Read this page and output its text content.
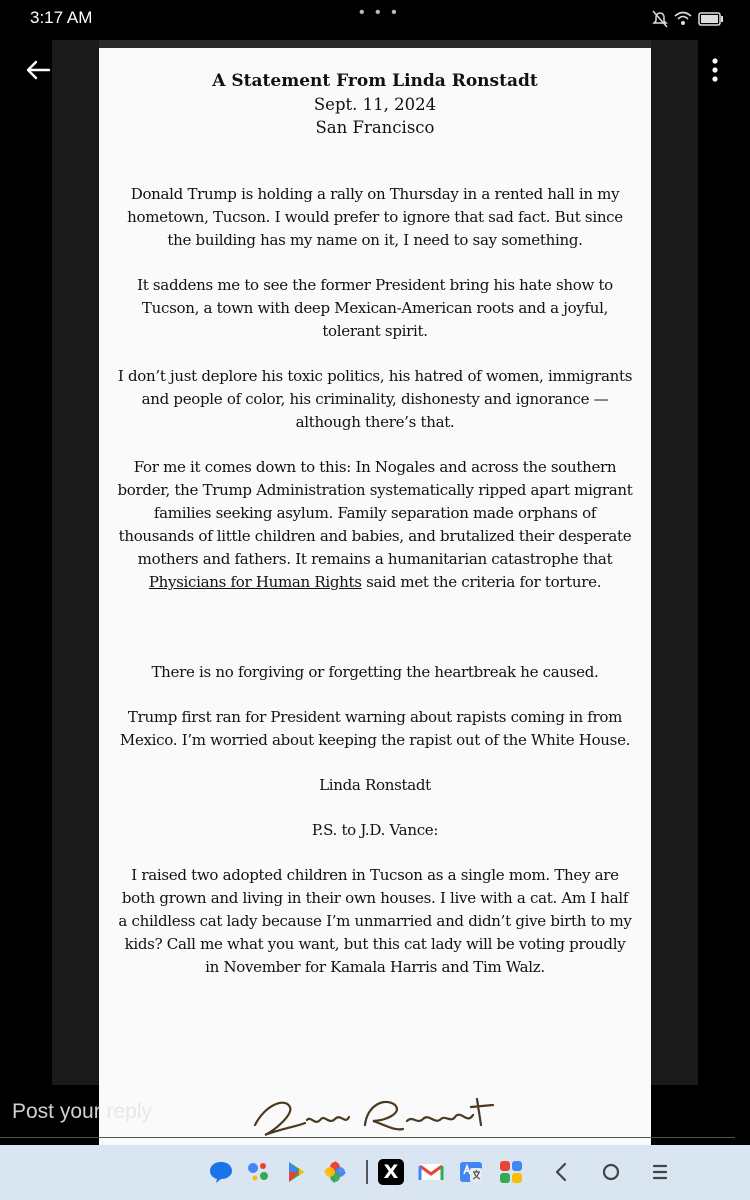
3:17 AM	• • •
A Statement From Linda Ronstadt
Sept. 11, 2024
San Francisco

Donald Trump is holding a rally on Thursday in a rented hall in my hometown, Tucson. I would prefer to ignore that sad fact. But since the building has my name on it, I need to say something.

It saddens me to see the former President bring his hate show to Tucson, a town with deep Mexican-American roots and a joyful, tolerant spirit.

I don’t just deplore his toxic politics, his hatred of women, immigrants and people of color, his criminality, dishonesty and ignorance — although there’s that.

For me it comes down to this: In Nogales and across the southern border, the Trump Administration systematically ripped apart migrant families seeking asylum. Family separation made orphans of thousands of little children and babies, and brutalized their desperate mothers and fathers. It remains a humanitarian catastrophe that Physicians for Human Rights said met the criteria for torture.

There is no forgiving or forgetting the heartbreak he caused.

Trump first ran for President warning about rapists coming in from Mexico. I’m worried about keeping the rapist out of the White House.

Linda Ronstadt

P.S. to J.D. Vance:

I raised two adopted children in Tucson as a single mom. They are both grown and living in their own houses. I live with a cat. Am I half a childless cat lady because I’m unmarried and didn’t give birth to my kids? Call me what you want, but this cat lady will be voting proudly in November for Kamala Harris and Tim Walz.

Post your reply
X
